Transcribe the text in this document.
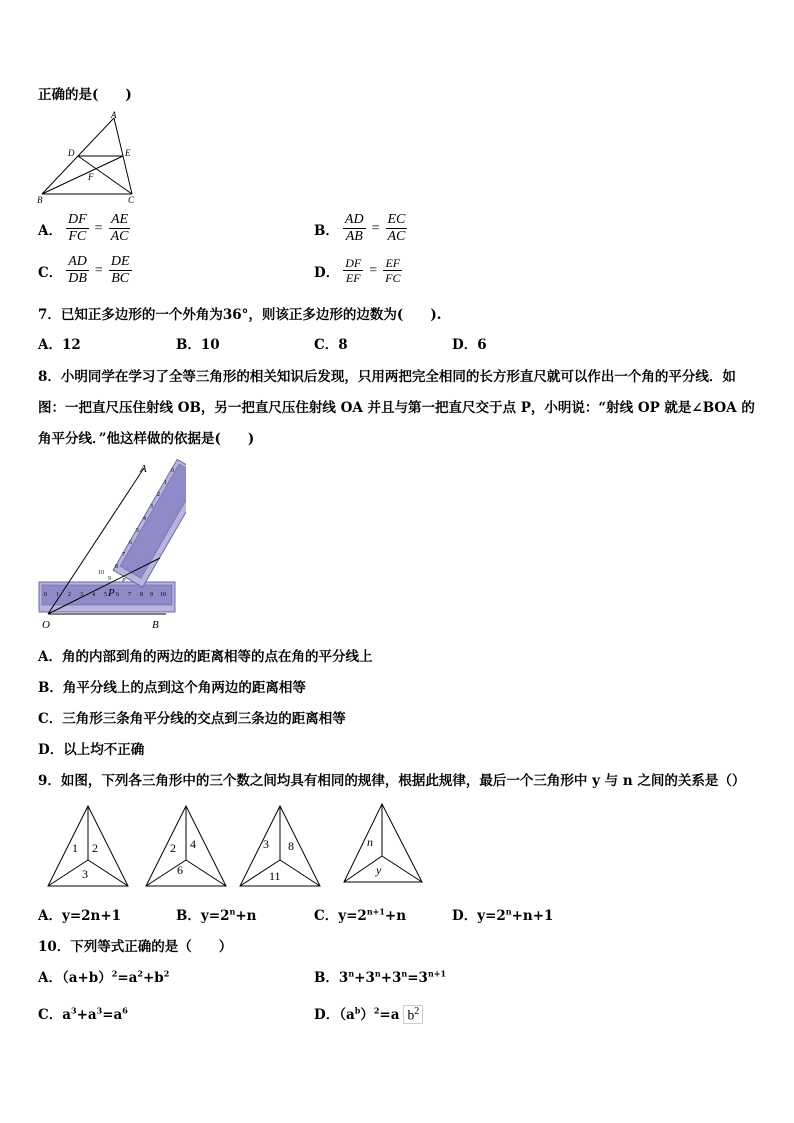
正确的是(　　)
A
D	E
F
B	C
A． $\frac{DF}{FC} = \frac{AE}{AC}$	B． $\frac{AD}{AB} = \frac{EC}{AC}$
C． $\frac{AD}{DB} = \frac{DE}{BC}$	D． $\frac{DF}{EF} = \frac{EF}{FC}$
7．已知正多边形的一个外角为36°，则该正多边形的边数为(　　).
A．12	B．10	C．8	D．6
8．小明同学在学习了全等三角形的相关知识后发现，只用两把完全相同的长方形直尺就可以作出一个角的平分线．如
图：一把直尺压住射线 OB，另一把直尺压住射线 OA 并且与第一把直尺交于点 P，小明说：“射线 OP 就是∠BOA 的
角平分线．”他这样做的依据是(　　)
0 1 2 3 4 5 6 7 8 9 10
0
1
2
3
4
5
6
7
8
9
10
A
O	B
P
P
A．角的内部到角的两边的距离相等的点在角的平分线上
B．角平分线上的点到这个角两边的距离相等
C．三角形三条角平分线的交点到三条边的距离相等
D．以上均不正确
9．如图，下列各三角形中的三个数之间均具有相同的规律，根据此规律，最后一个三角形中 y 与 n 之间的关系是（）
1 2
3
2 4
6
3 8
11
n
y
A．y=2n+1	B．$y=2^n+n$	C．$y=2^{n+1}+n$	D．$y=2^n+n+1$
10．下列等式正确的是（　　）
A．$(a+b)^2=a^2+b^2$	B．$3^n+3^n+3^n=3^{n+1}$
C．$a^3+a^3=a^6$	D．$(a^b)^2=a$ $b^2$
